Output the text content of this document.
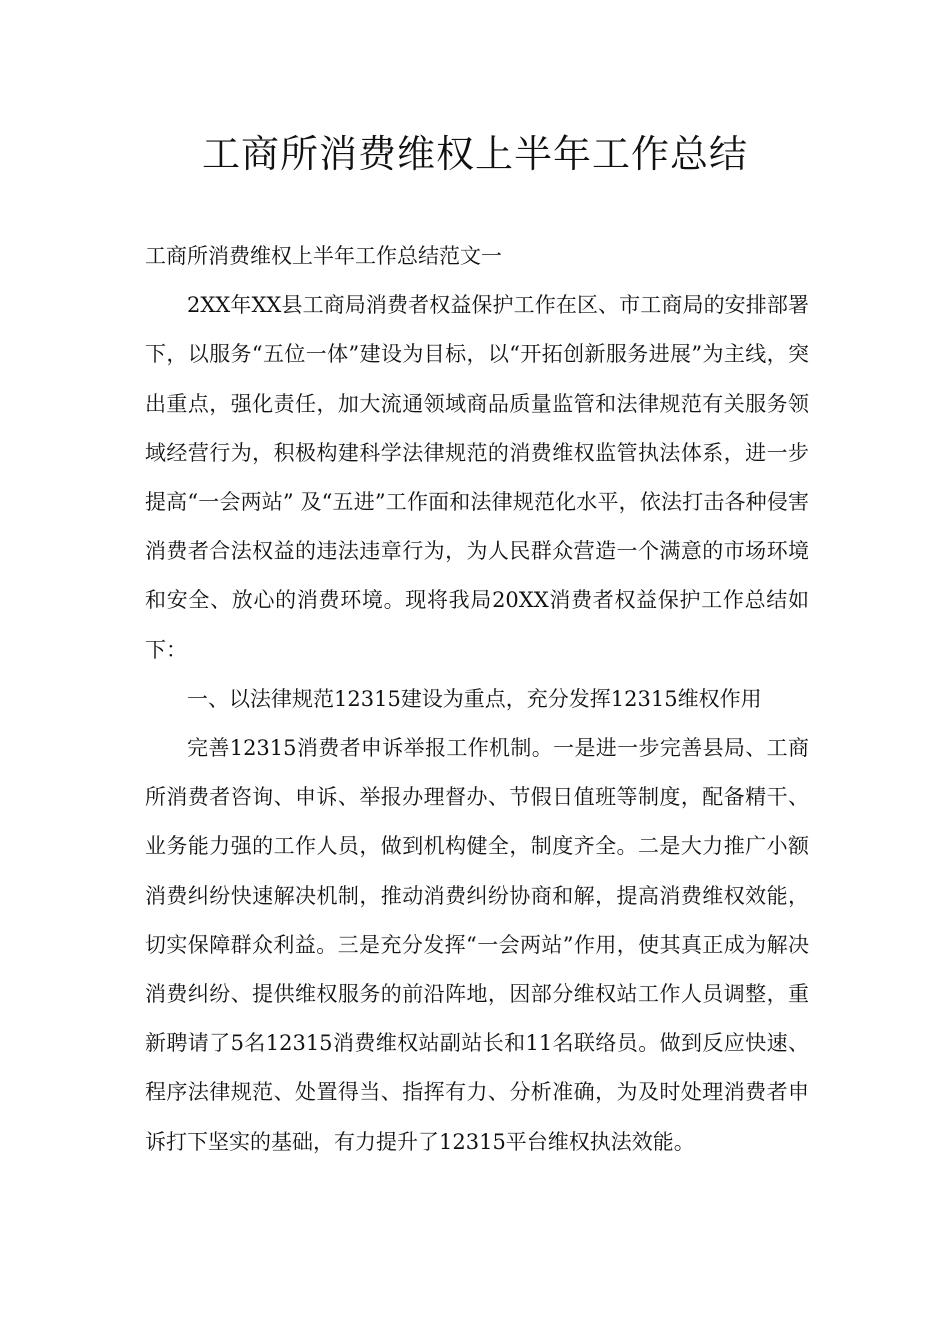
工商所消费维权上半年工作总结

工商所消费维权上半年工作总结范文一

2XX年XX县工商局消费者权益保护工作在区、市工商局的安排部署下，以服务“五位一体”建设为目标，以“开拓创新服务进展”为主线，突出重点，强化责任，加大流通领域商品质量监管和法律规范有关服务领域经营行为，积极构建科学法律规范的消费维权监管执法体系，进一步提高“一会两站” 及“五进”工作面和法律规范化水平，依法打击各种侵害消费者合法权益的违法违章行为，为人民群众营造一个满意的市场环境和安全、放心的消费环境。现将我局20XX消费者权益保护工作总结如下：

一、以法律规范12315建设为重点，充分发挥12315维权作用

完善12315消费者申诉举报工作机制。一是进一步完善县局、工商所消费者咨询、申诉、举报办理督办、节假日值班等制度，配备精干、业务能力强的工作人员，做到机构健全，制度齐全。二是大力推广小额消费纠纷快速解决机制，推动消费纠纷协商和解，提高消费维权效能，切实保障群众利益。三是充分发挥“一会两站”作用，使其真正成为解决消费纠纷、提供维权服务的前沿阵地，因部分维权站工作人员调整，重新聘请了5名12315消费维权站副站长和11名联络员。做到反应快速、程序法律规范、处置得当、指挥有力、分析准确，为及时处理消费者申诉打下坚实的基础，有力提升了12315平台维权执法效能。
